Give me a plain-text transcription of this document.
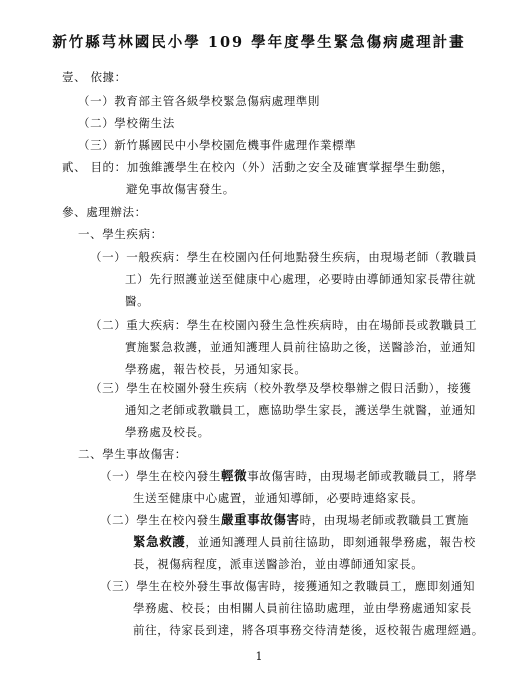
新竹縣芎林國民小學 109 學年度學生緊急傷病處理計畫
壹、 依據：
（一）教育部主管各級學校緊急傷病處理準則
（二）學校衛生法
（三）新竹縣國民中小學校園危機事件處理作業標準
貳、 目的：加強維護學生在校內（外）活動之安全及確實掌握學生動態，
避免事故傷害發生。
參、處理辦法：
一、學生疾病：
（一）一般疾病：學生在校園內任何地點發生疾病，由現場老師（教職員
工）先行照護並送至健康中心處理，必要時由導師通知家長帶往就
醫。
（二）重大疾病：學生在校園內發生急性疾病時，由在場師長或教職員工
實施緊急救護，並通知護理人員前往協助之後，送醫診治，並通知
學務處，報告校長，另通知家長。
（三）學生在校園外發生疾病（校外教學及學校舉辦之假日活動），接獲
通知之老師或教職員工，應協助學生家長，護送學生就醫，並通知
學務處及校長。
二、學生事故傷害：
（一）學生在校內發生輕微事故傷害時，由現場老師或教職員工，將學
生送至健康中心處置，並通知導師，必要時連絡家長。
（二）學生在校內發生嚴重事故傷害時，由現場老師或教職員工實施
緊急救護，並通知護理人員前往協助，即刻通報學務處，報告校
長，視傷病程度，派車送醫診治，並由導師通知家長。
（三）學生在校外發生事故傷害時，接獲通知之教職員工，應即刻通知
學務處、校長；由相關人員前往協助處理，並由學務處通知家長
前往，待家長到達，將各項事務交待清楚後，返校報告處理經過。
1
